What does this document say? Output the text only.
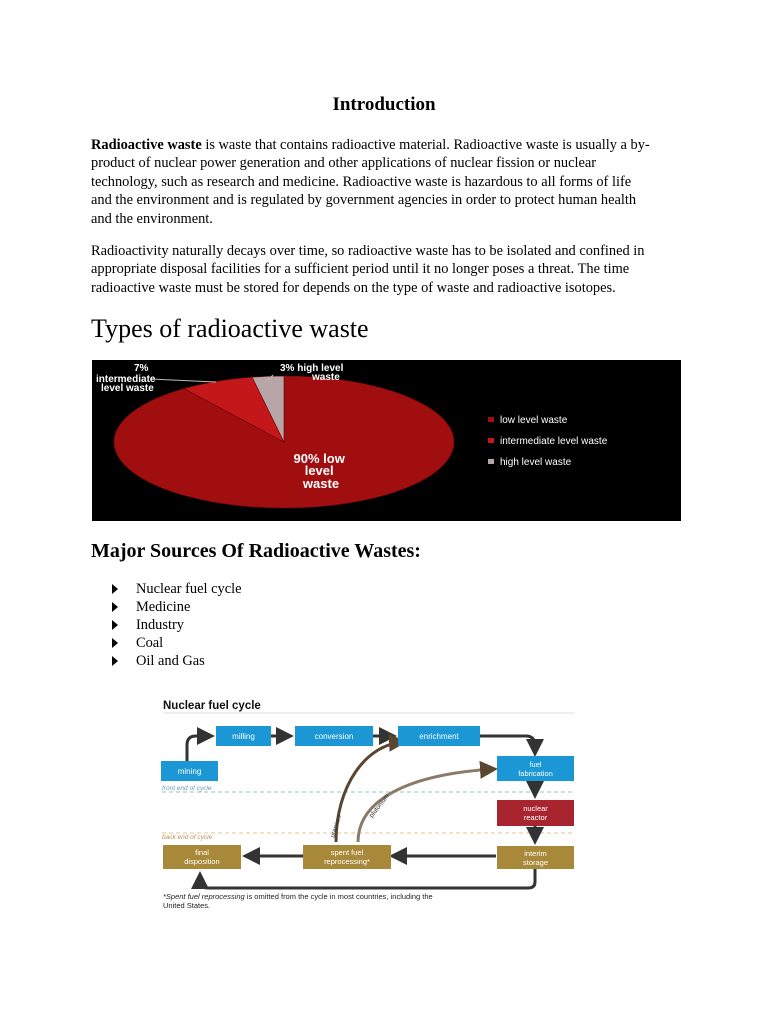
Introduction
Radioactive waste is waste that contains radioactive material. Radioactive waste is usually a by-
product of nuclear power generation and other applications of nuclear fission or nuclear
technology, such as research and medicine. Radioactive waste is hazardous to all forms of life
and the environment and is regulated by government agencies in order to protect human health
and the environment.
Radioactivity naturally decays over time, so radioactive waste has to be isolated and confined in
appropriate disposal facilities for a sufficient period until it no longer poses a threat. The time
radioactive waste must be stored for depends on the type of waste and radioactive isotopes.
Types of radioactive waste
7% intermediate level waste
3% high level waste
90% low level waste
low level waste
intermediate level waste
high level waste
Major Sources Of Radioactive Wastes:
Nuclear fuel cycle
Medicine
Industry
Coal
Oil and Gas
Nuclear fuel cycle
front end of cycle
back end of cycle	uranium
plutonium
mining
milling	conversion	enrichment
fuel
fabrication
nuclear
reactor
interim
storage
spent fuel
reprocessing*
final
disposition
*Spent fuel reprocessing is omitted from the cycle in most countries, including the
United States.
